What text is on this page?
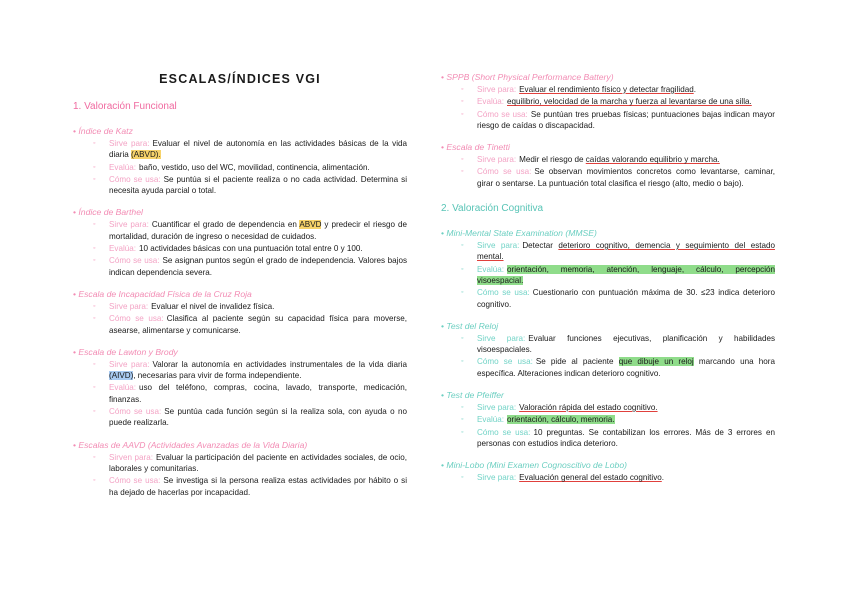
ESCALAS/ÍNDICES VGI
1. Valoración Funcional

• Índice de Katz

◦ Sirve para: Evaluar el nivel de autonomía en las actividades básicas de la vida diaria (ABVD).
◦ Evalúa: baño, vestido, uso del WC, movilidad, continencia, alimentación.
◦ Cómo se usa: Se puntúa si el paciente realiza o no cada actividad. Determina si necesita ayuda parcial o total.

• Índice de Barthel

◦ Sirve para: Cuantificar el grado de dependencia en ABVD y predecir el riesgo de mortalidad, duración de ingreso o necesidad de cuidados.
◦ Evalúa: 10 actividades básicas con una puntuación total entre 0 y 100.
◦ Cómo se usa: Se asignan puntos según el grado de independencia. Valores bajos indican dependencia severa.

• Escala de Incapacidad Física de la Cruz Roja

◦ Sirve para: Evaluar el nivel de invalidez física.
◦ Cómo se usa: Clasifica al paciente según su capacidad física para moverse, asearse, alimentarse y comunicarse.

• Escala de Lawton y Brody

◦ Sirve para: Valorar la autonomía en actividades instrumentales de la vida diaria (AIVD), necesarias para vivir de forma independiente.
◦ Evalúa: uso del teléfono, compras, cocina, lavado, transporte, medicación, finanzas.
◦ Cómo se usa: Se puntúa cada función según si la realiza sola, con ayuda o no puede realizarla.

• Escalas de AAVD (Actividades Avanzadas de la Vida Diaria)

◦ Sirven para: Evaluar la participación del paciente en actividades sociales, de ocio, laborales y comunitarias.
◦ Cómo se usa: Se investiga si la persona realiza estas actividades por hábito o si ha dejado de hacerlas por incapacidad.

• SPPB (Short Physical Performance Battery)

◦ Sirve para: Evaluar el rendimiento físico y detectar fragilidad.
◦ Evalúa: equilibrio, velocidad de la marcha y fuerza al levantarse de una silla.
◦ Cómo se usa: Se puntúan tres pruebas físicas; puntuaciones bajas indican mayor riesgo de caídas o discapacidad.

• Escala de Tinetti

◦ Sirve para: Medir el riesgo de caídas valorando equilibrio y marcha.
◦ Cómo se usa: Se observan movimientos concretos como levantarse, caminar, girar o sentarse. La puntuación total clasifica el riesgo (alto, medio o bajo).
2. Valoración Cognitiva

• Mini-Mental State Examination (MMSE)

◦ Sirve para: Detectar deterioro cognitivo, demencia y seguimiento del estado mental.
◦ Evalúa: orientación, memoria, atención, lenguaje, cálculo, percepción visoespacial.
◦ Cómo se usa: Cuestionario con puntuación máxima de 30. ≤23 indica deterioro cognitivo.

• Test del Reloj

◦ Sirve para: Evaluar funciones ejecutivas, planificación y habilidades visoespaciales.
◦ Cómo se usa: Se pide al paciente que dibuje un reloj marcando una hora específica. Alteraciones indican deterioro cognitivo.

• Test de Pfeiffer

◦ Sirve para: Valoración rápida del estado cognitivo.
◦ Evalúa: orientación, cálculo, memoria.
◦ Cómo se usa: 10 preguntas. Se contabilizan los errores. Más de 3 errores en personas con estudios indica deterioro.

• Mini-Lobo (Mini Examen Cognoscitivo de Lobo)

◦ Sirve para: Evaluación general del estado cognitivo.
